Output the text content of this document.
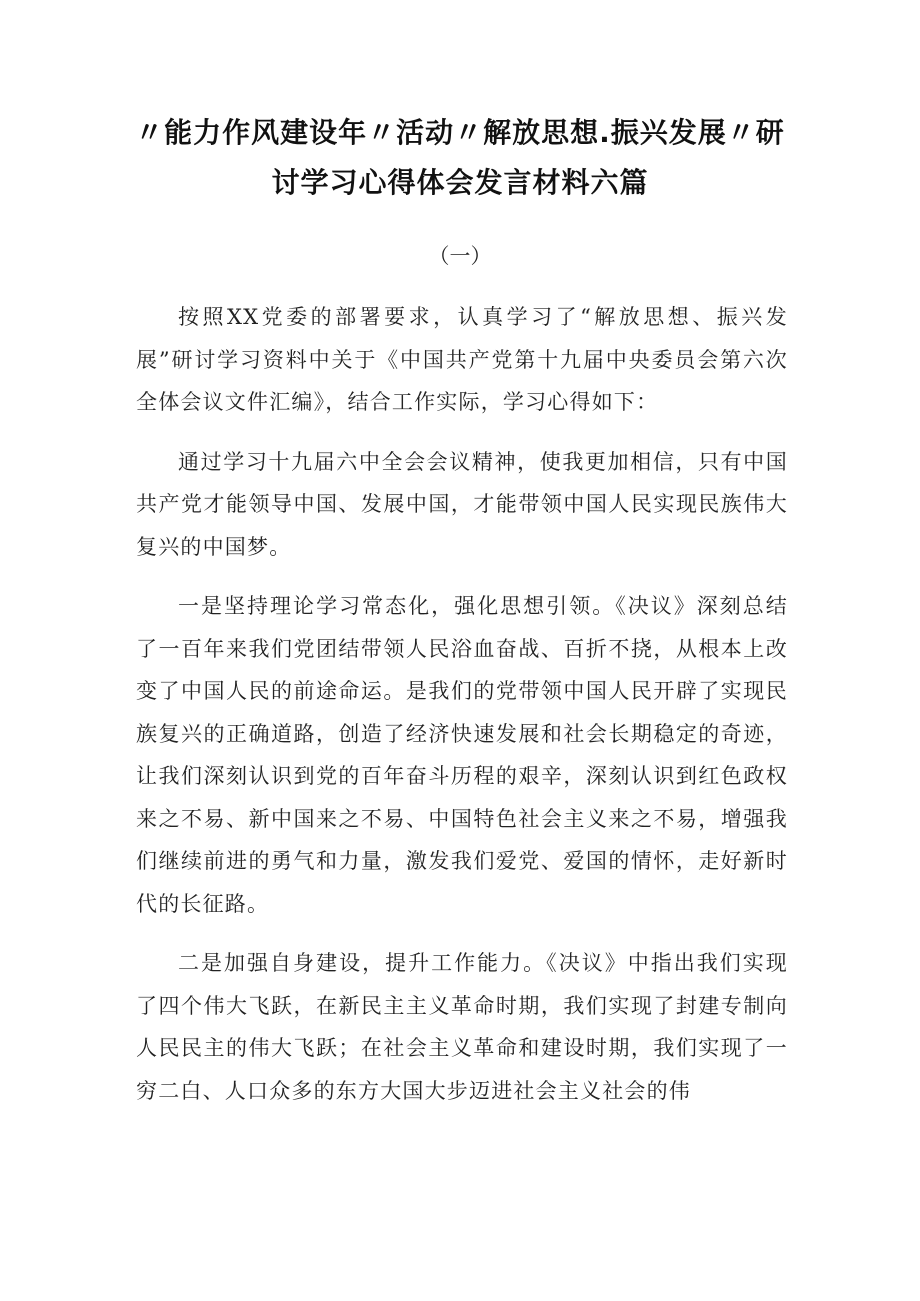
〃能力作风建设年〃活动〃解放思想.振兴发展〃研
讨学习心得体会发言材料六篇
（一）

按照XX党委的部署要求，认真学习了“解放思想、振兴发展”研讨学习资料中关于《中国共产党第十九届中央委员会第六次全体会议文件汇编》，结合工作实际，学习心得如下：

通过学习十九届六中全会会议精神，使我更加相信，只有中国共产党才能领导中国、发展中国，才能带领中国人民实现民族伟大复兴的中国梦。

一是坚持理论学习常态化，强化思想引领。《决议》深刻总结了一百年来我们党团结带领人民浴血奋战、百折不挠，从根本上改变了中国人民的前途命运。是我们的党带领中国人民开辟了实现民族复兴的正确道路，创造了经济快速发展和社会长期稳定的奇迹，让我们深刻认识到党的百年奋斗历程的艰辛，深刻认识到红色政权来之不易、新中国来之不易、中国特色社会主义来之不易，增强我们继续前进的勇气和力量，激发我们爱党、爱国的情怀，走好新时代的长征路。

二是加强自身建设，提升工作能力。《决议》中指出我们实现了四个伟大飞跃，在新民主主义革命时期，我们实现了封建专制向人民民主的伟大飞跃；在社会主义革命和建设时期，我们实现了一穷二白、人口众多的东方大国大步迈进社会主义社会的伟
